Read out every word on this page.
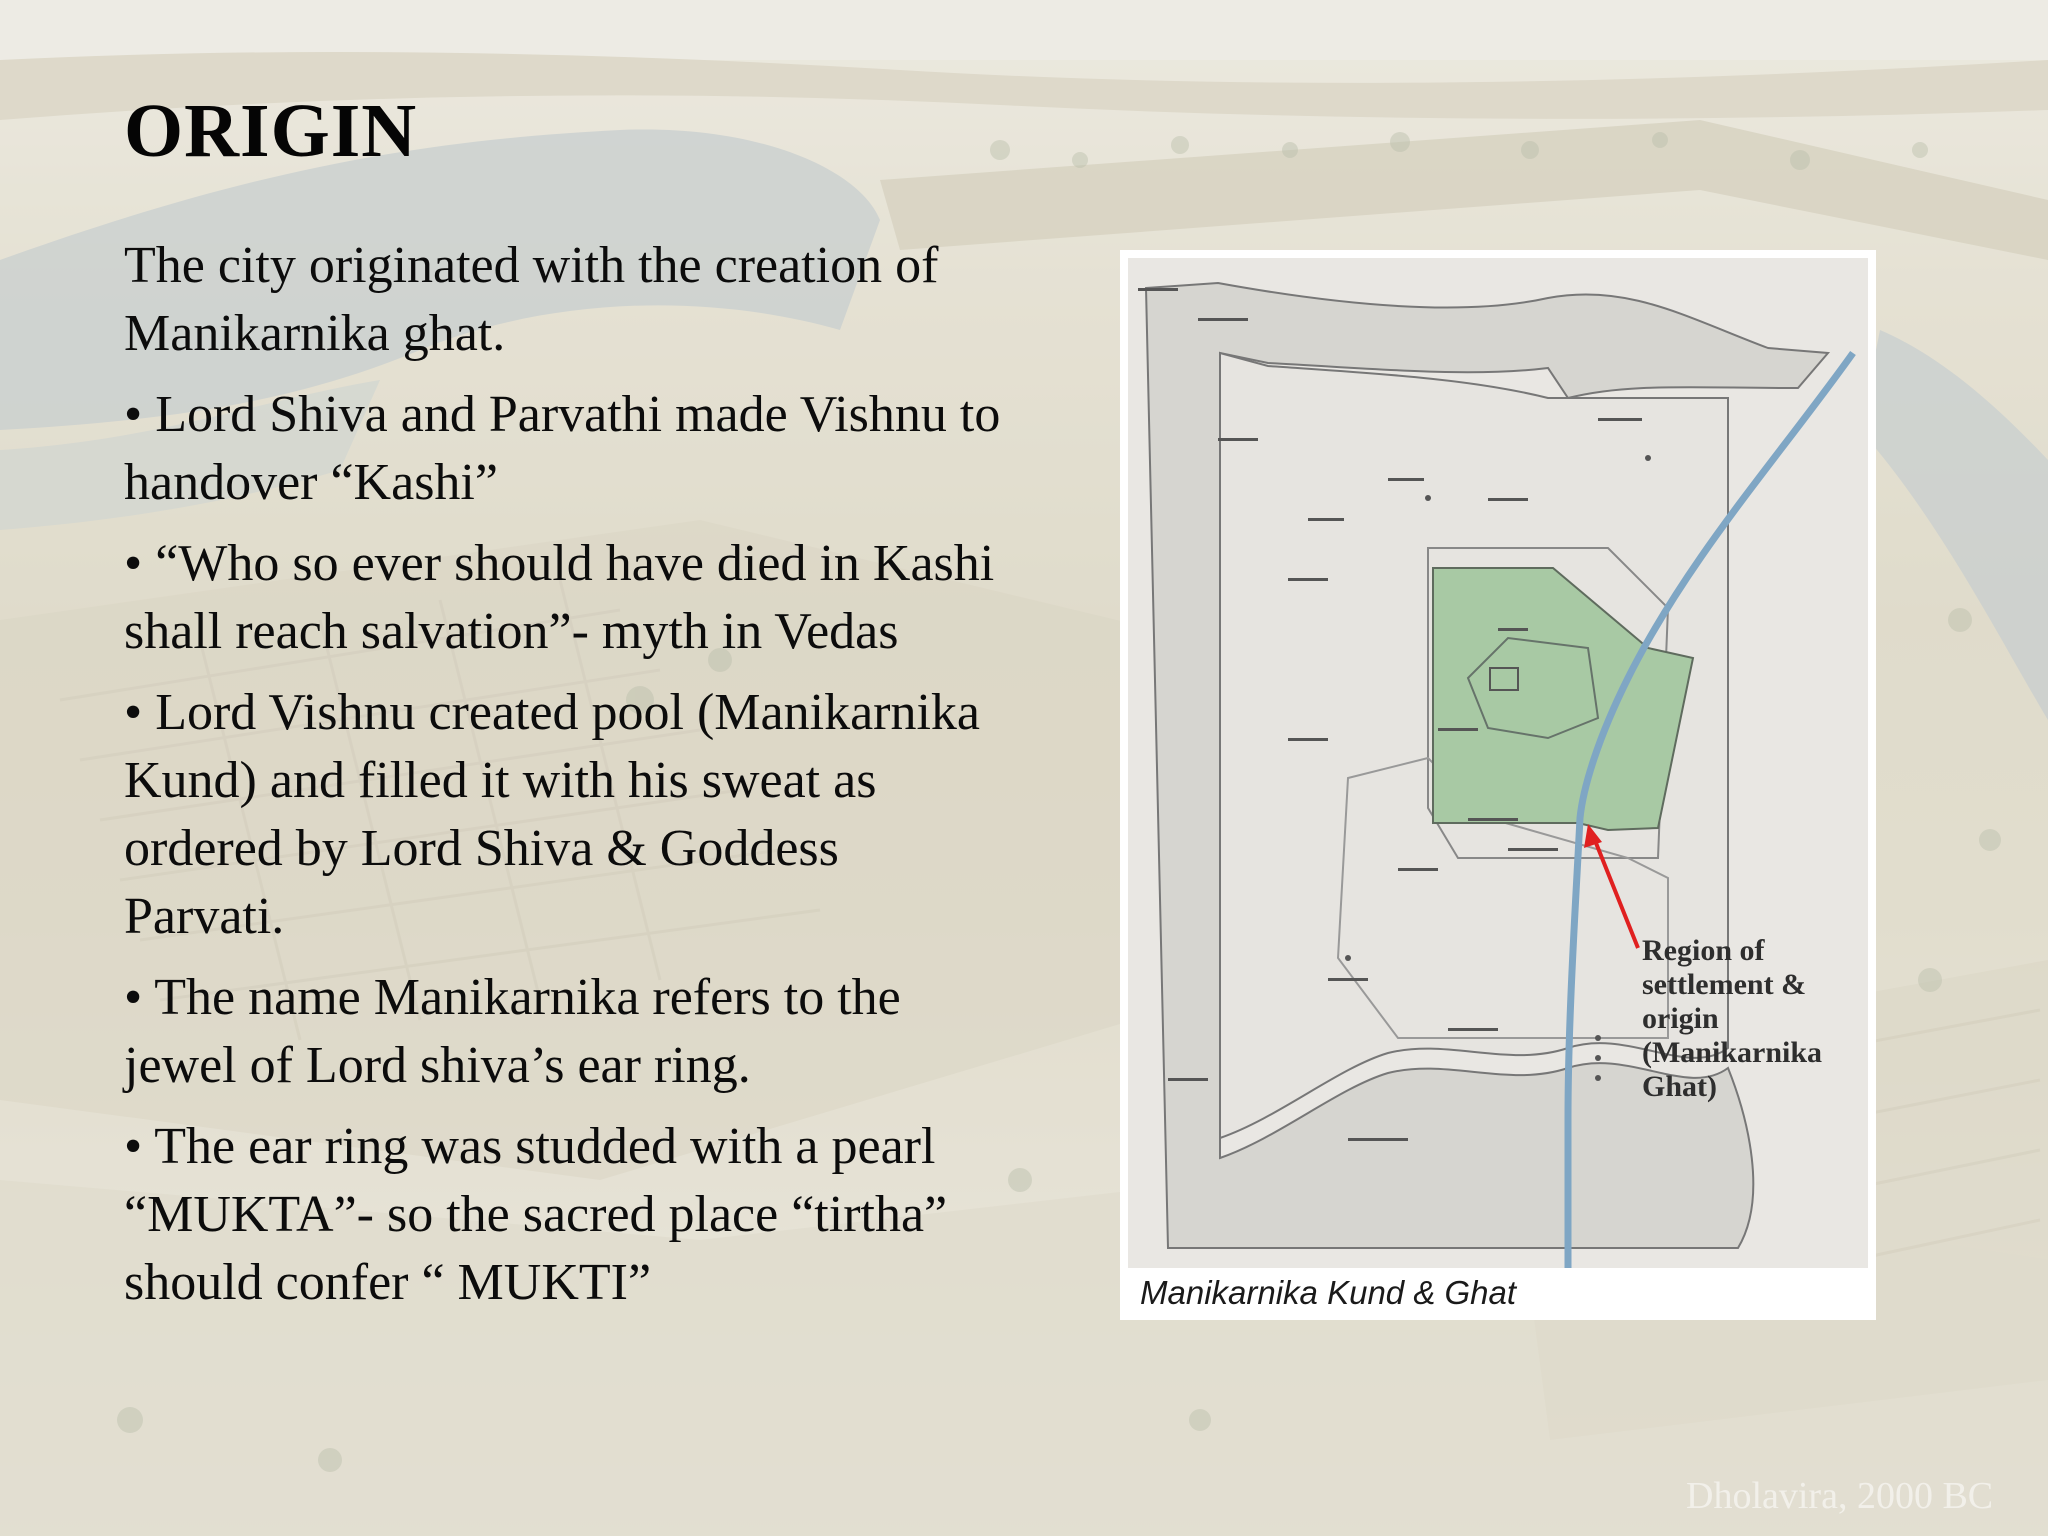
ORIGIN

The city originated with the creation of Manikarnika ghat.

• Lord Shiva and Parvathi made Vishnu to handover “Kashi”

• “Who so ever should have died in Kashi shall reach salvation”- myth in Vedas

• Lord Vishnu created pool (Manikarnika Kund) and filled it with his sweat as ordered by Lord Shiva & Goddess Parvati.

• The name Manikarnika refers to the jewel of Lord shiva’s ear ring.

• The ear ring was studded with a pearl “MUKTA”- so the sacred place “tirtha” should confer “ MUKTI”

Region of
settlement &
origin
(Manikarnika
Ghat)
Manikarnika Kund & Ghat
Dholavira, 2000 BC
